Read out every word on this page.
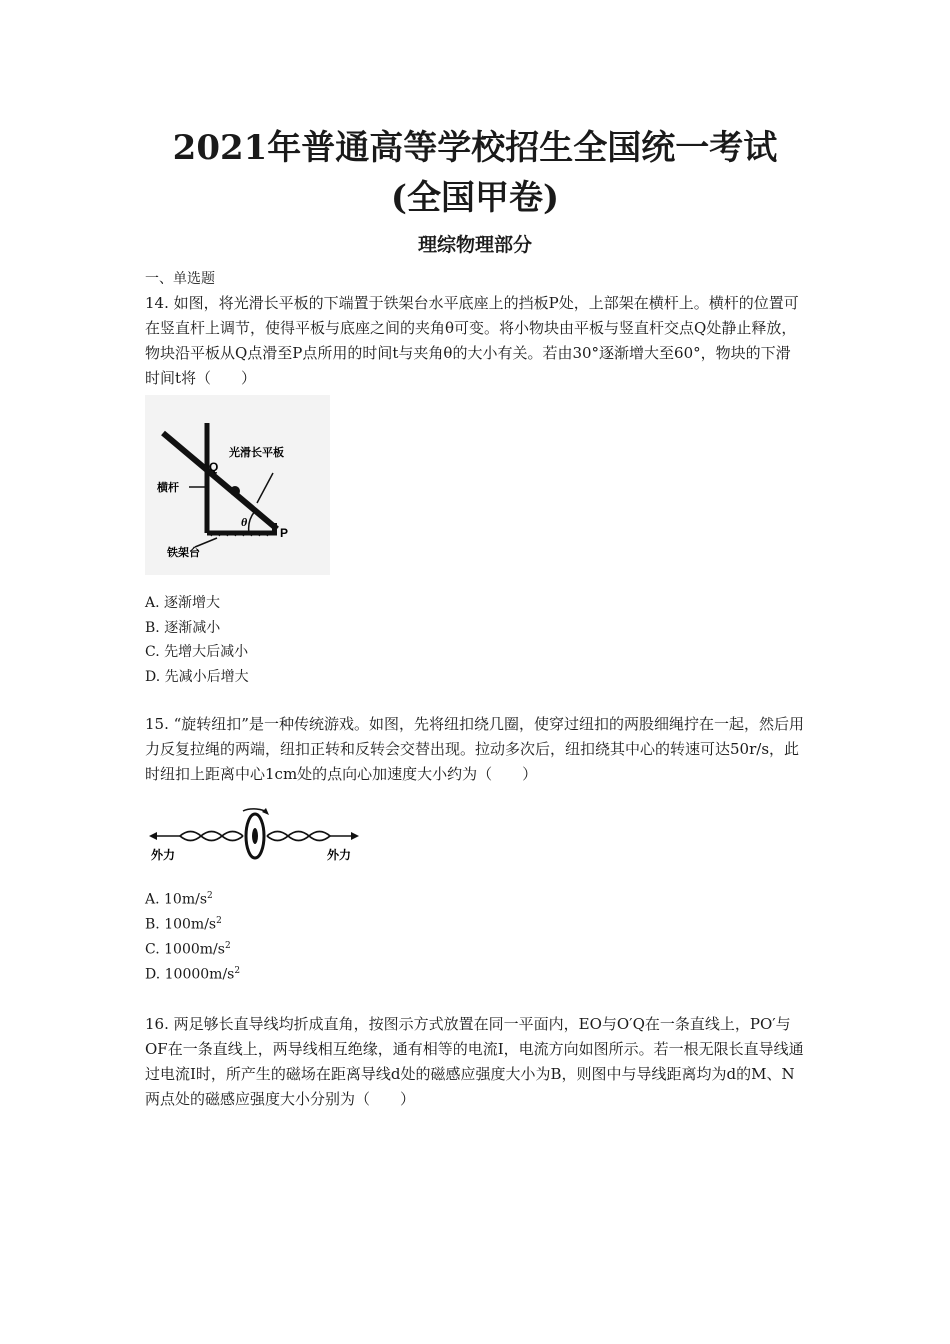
2021年普通高等学校招生全国统一考试
(全国甲卷)
理综物理部分
一、单选题
14. 如图，将光滑长平板的下端置于铁架台水平底座上的挡板P处，上部架在横杆上。横杆的位置可在竖直杆上调节，使得平板与底座之间的夹角θ可变。将小物块由平板与竖直杆交点Q处静止释放，物块沿平板从Q点滑至P点所用的时间t与夹角θ的大小有关。若由30°逐渐增大至60°，物块的下滑时间t将（　　）
Q
光滑长平板
横杆
θ
P
铁架台
A. 逐渐增大
B. 逐渐减小
C. 先增大后减小
D. 先减小后增大
15. “旋转纽扣”是一种传统游戏。如图，先将纽扣绕几圈，使穿过纽扣的两股细绳拧在一起，然后用力反复拉绳的两端，纽扣正转和反转会交替出现。拉动多次后，纽扣绕其中心的转速可达50r/s，此时纽扣上距离中心1cm处的点向心加速度大小约为（　　）
外力	外力
A. $10m/s^2$
B. $100m/s^2$
C. $1000m/s^2$
D. $10000m/s^2$
16. 两足够长直导线均折成直角，按图示方式放置在同一平面内，EO与O′Q在一条直线上，PO′与OF在一条直线上，两导线相互绝缘，通有相等的电流I，电流方向如图所示。若一根无限长直导线通过电流I时，所产生的磁场在距离导线d处的磁感应强度大小为B，则图中与导线距离均为d的M、N两点处的磁感应强度大小分别为（　　）
